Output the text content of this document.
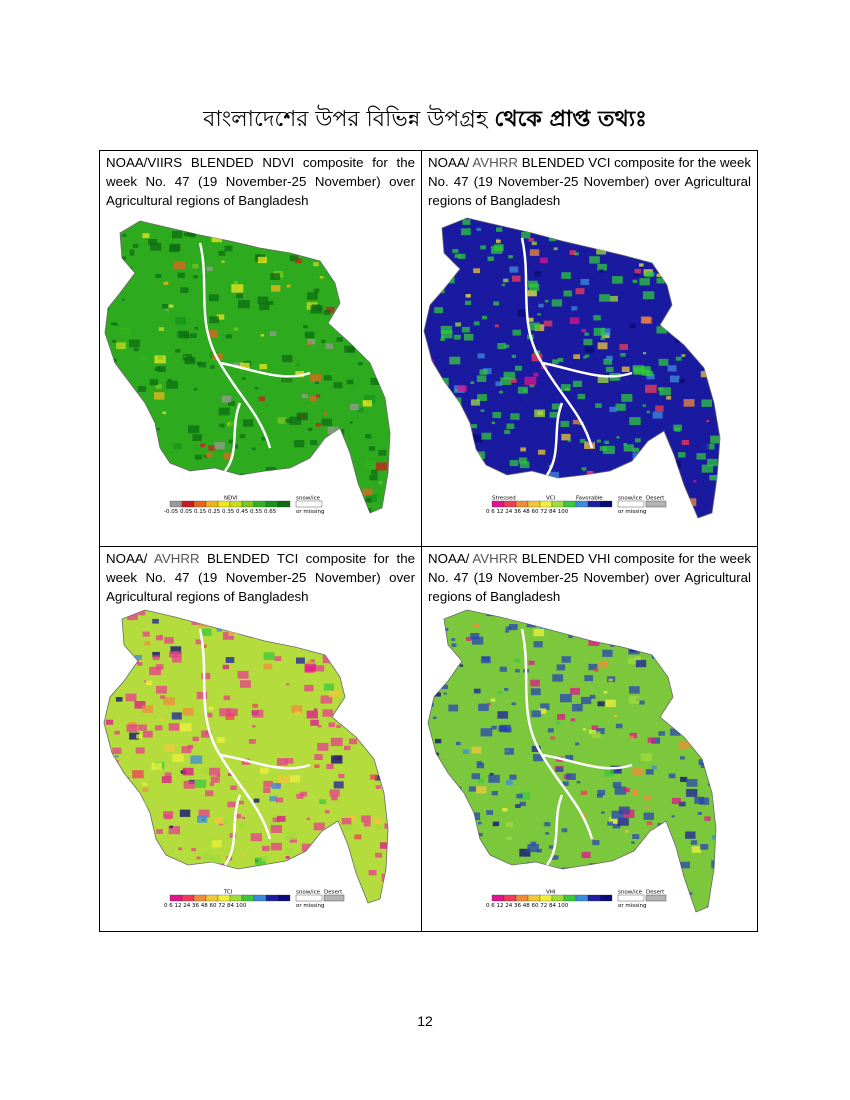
বাংলাদেশের উপর বিভিন্ন উপগ্রহ থেকে প্রাপ্ত তথ্যঃ
NOAA/VIIRS BLENDED NDVI composite for the week No. 47 (19 November-25 November) over Agricultural regions of Bangladesh
NDVI
-0.05 0.05 0.15 0.25 0.35 0.45 0.55 0.65
snow/ice
or missing
NOAA/ AVHRR BLENDED VCI composite for the week No. 47 (19 November-25 November) over Agricultural regions of Bangladesh
VCI
Stressed	Favorable
0 6 12 24 36 48 60 72 84 100
snow/ice
or missing
Desert
NOAA/ AVHRR BLENDED TCI composite for the week No. 47 (19 November-25 November) over Agricultural regions of Bangladesh
TCI
0 6 12 24 36 48 60 72 84 100
snow/ice
or missing
Desert
NOAA/ AVHRR BLENDED VHI composite for the week No. 47 (19 November-25 November) over Agricultural regions of Bangladesh
VHI
0 6 12 24 36 48 60 72 84 100
snow/ice
or missing
Desert
12
